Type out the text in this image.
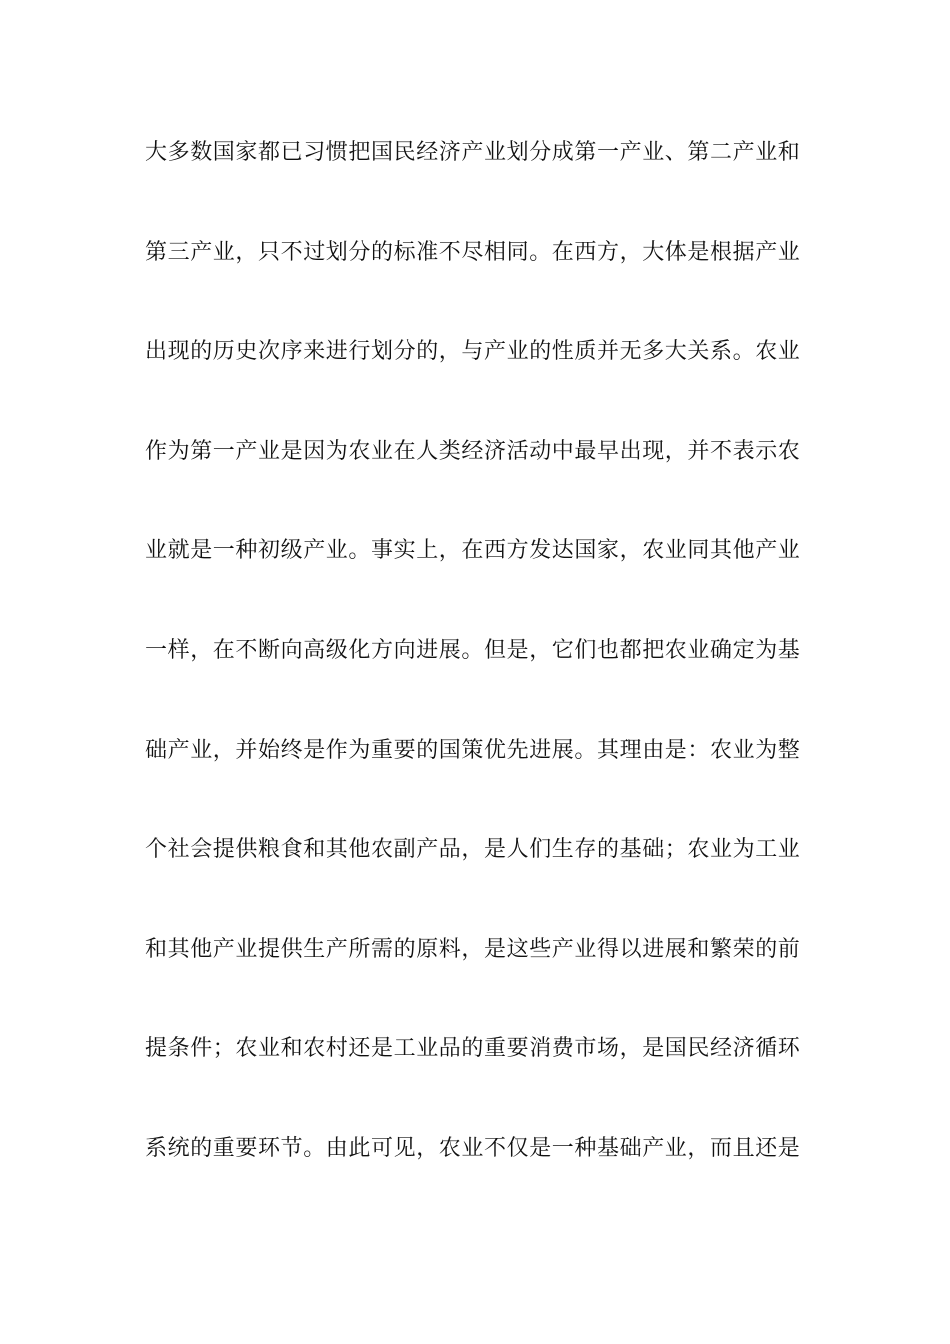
大多数国家都已习惯把国民经济产业划分成第一产业、第二产业和
第三产业，只不过划分的标准不尽相同。在西方，大体是根据产业
出现的历史次序来进行划分的，与产业的性质并无多大关系。农业
作为第一产业是因为农业在人类经济活动中最早出现，并不表示农
业就是一种初级产业。事实上，在西方发达国家，农业同其他产业
一样，在不断向高级化方向进展。但是，它们也都把农业确定为基
础产业，并始终是作为重要的国策优先进展。其理由是：农业为整
个社会提供粮食和其他农副产品，是人们生存的基础；农业为工业
和其他产业提供生产所需的原料，是这些产业得以进展和繁荣的前
提条件；农业和农村还是工业品的重要消费市场，是国民经济循环
系统的重要环节。由此可见，农业不仅是一种基础产业，而且还是
